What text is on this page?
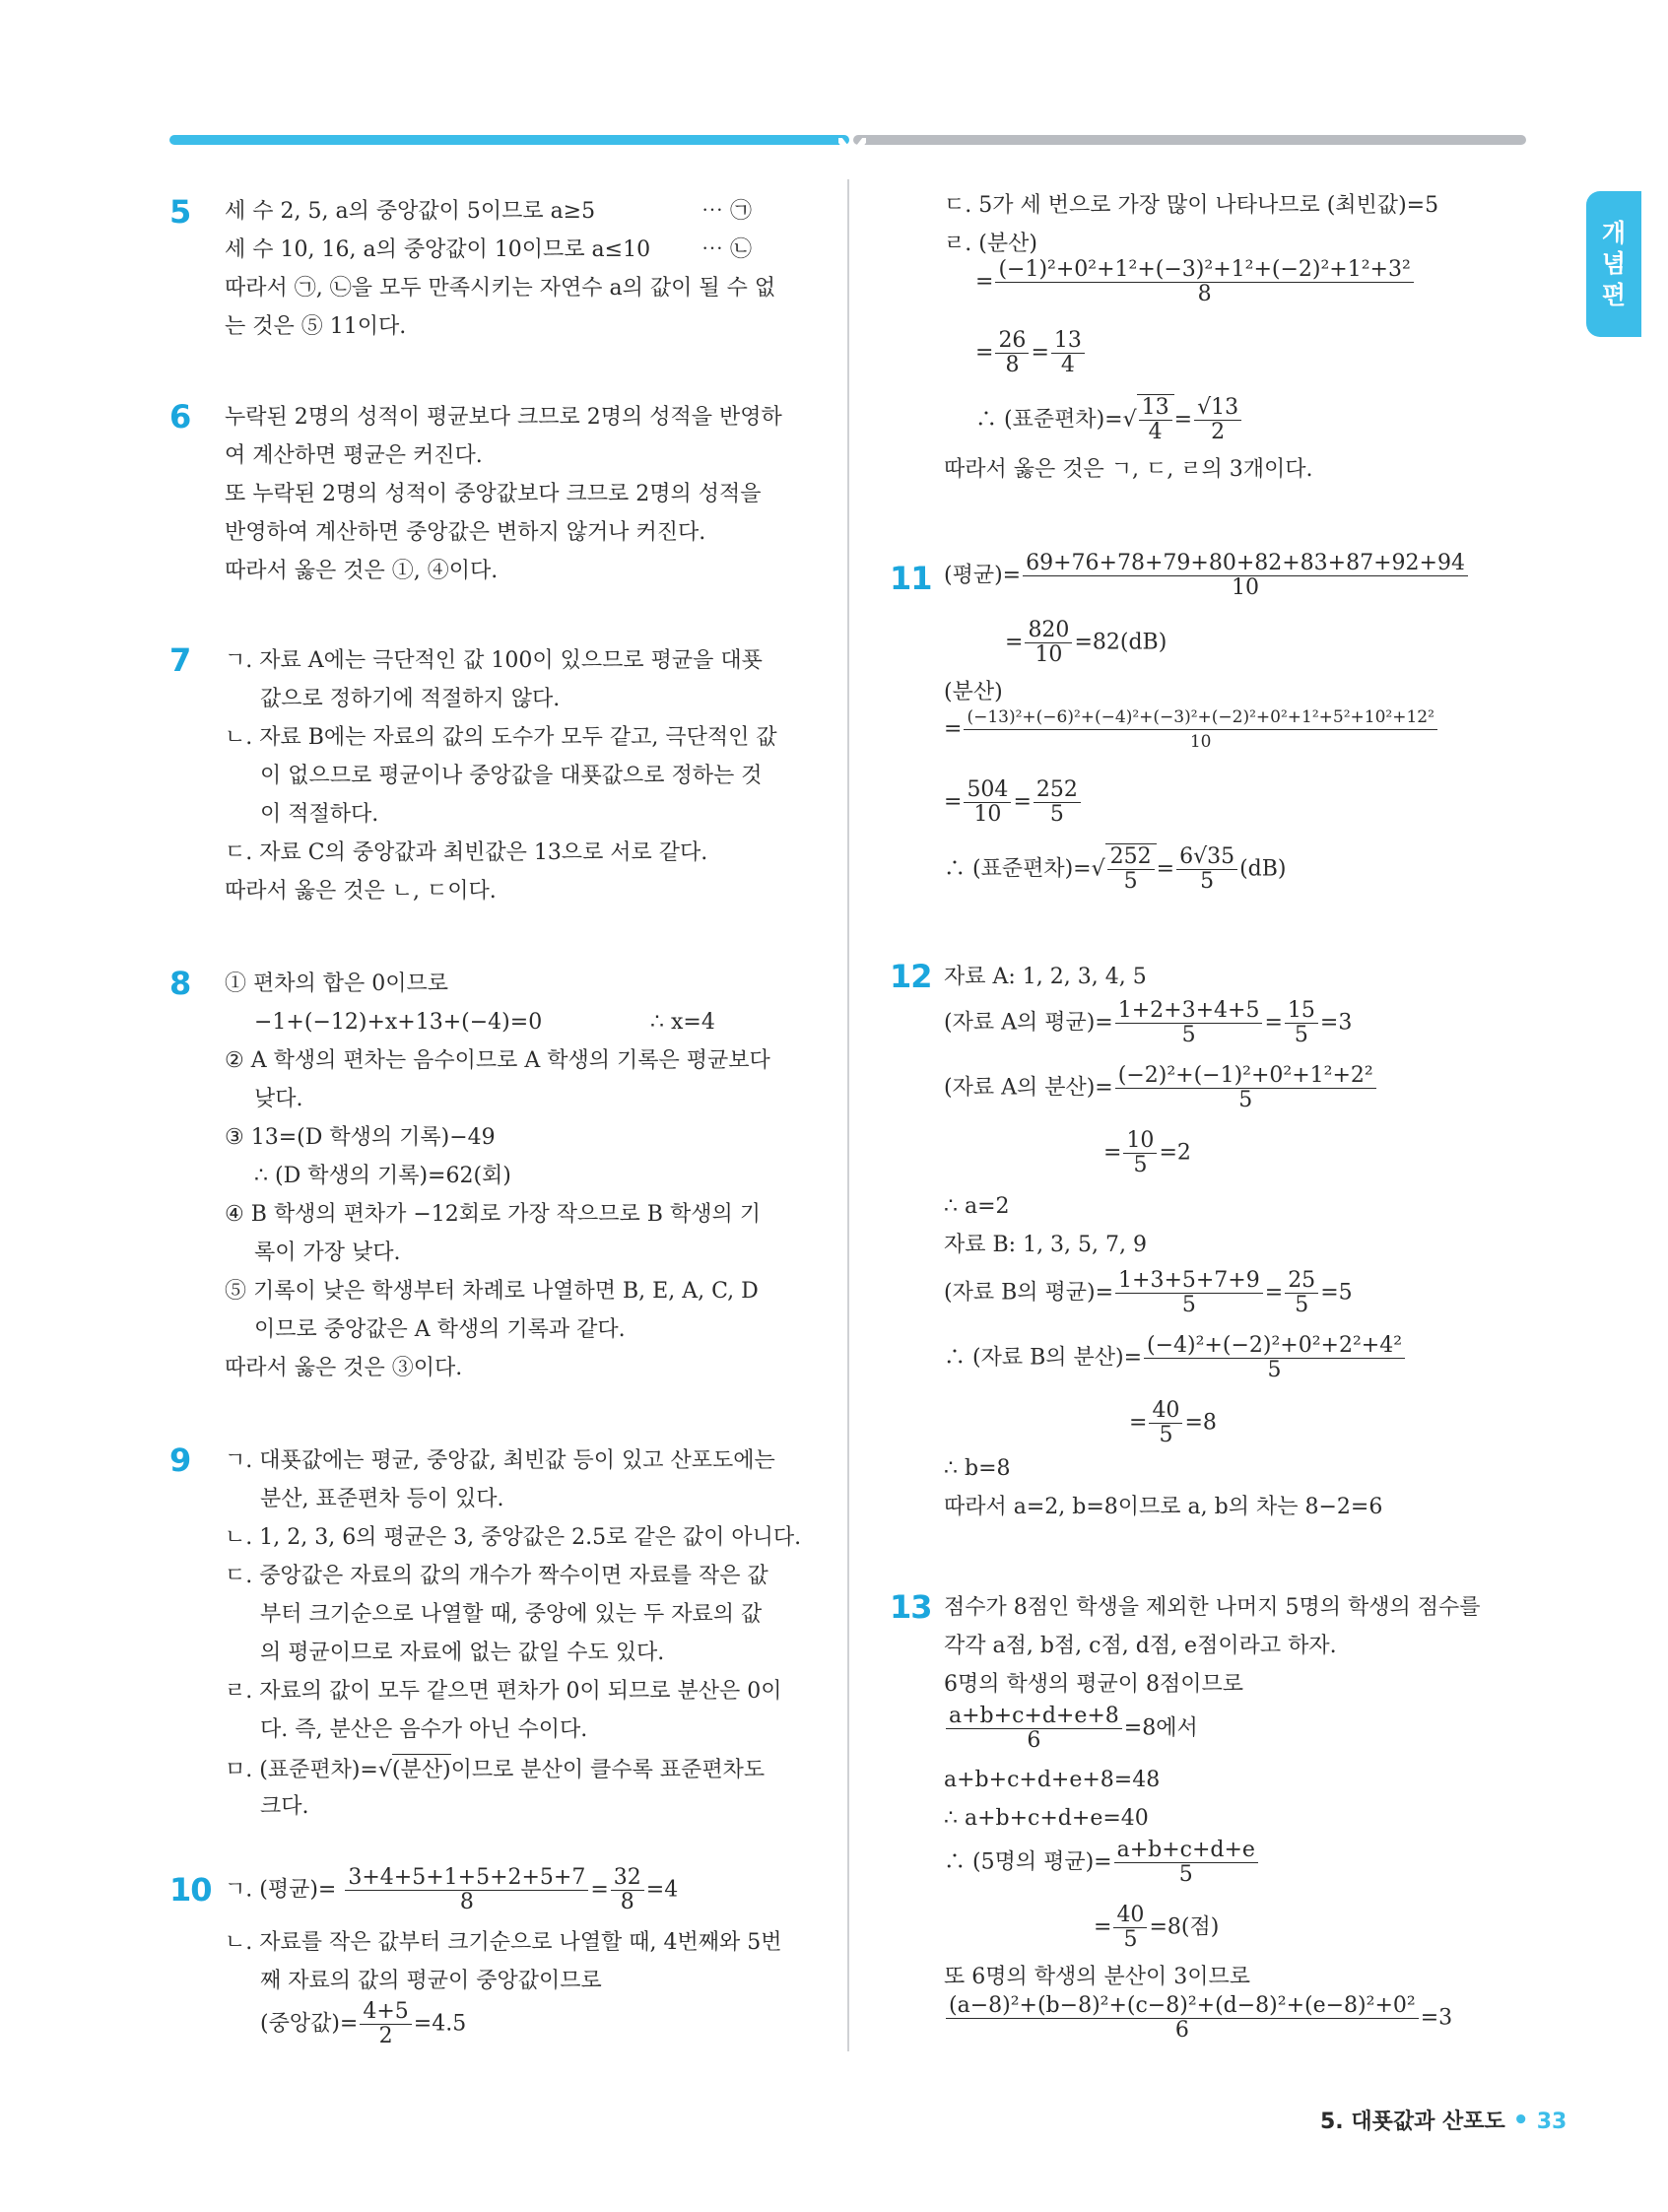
개
념
편
5 세 수 2, 5, a의 중앙값이 5이므로 a≥5	⋯ ㉠
세 수 10, 16, a의 중앙값이 10이므로 a≤10 ⋯ ㉡
따라서 ㉠, ㉡을 모두 만족시키는 자연수 a의 값이 될 수 없
는 것은 ⑤ 11이다.
6 누락된 2명의 성적이 평균보다 크므로 2명의 성적을 반영하
여 계산하면 평균은 커진다.
또 누락된 2명의 성적이 중앙값보다 크므로 2명의 성적을
반영하여 계산하면 중앙값은 변하지 않거나 커진다.
따라서 옳은 것은 ①, ④이다.
7 ㄱ. 자료 A에는 극단적인 값 100이 있으므로 평균을 대푯
값으로 정하기에 적절하지 않다.
ㄴ. 자료 B에는 자료의 값의 도수가 모두 같고, 극단적인 값
이 없으므로 평균이나 중앙값을 대푯값으로 정하는 것
이 적절하다.
ㄷ. 자료 C의 중앙값과 최빈값은 13으로 서로 같다.
따라서 옳은 것은 ㄴ, ㄷ이다.
8 ① 편차의 합은 0이므로
−1+(−12)+x+13+(−4)=0	∴ x=4
② A 학생의 편차는 음수이므로 A 학생의 기록은 평균보다
낮다.
③ 13=(D 학생의 기록)−49
∴ (D 학생의 기록)=62(회)
④ B 학생의 편차가 −12회로 가장 작으므로 B 학생의 기
록이 가장 낮다.
⑤ 기록이 낮은 학생부터 차례로 나열하면 B, E, A, C, D
이므로 중앙값은 A 학생의 기록과 같다.
따라서 옳은 것은 ③이다.
9 ㄱ. 대푯값에는 평균, 중앙값, 최빈값 등이 있고 산포도에는
분산, 표준편차 등이 있다.
ㄴ. 1, 2, 3, 6의 평균은 3, 중앙값은 2.5로 같은 값이 아니다.
ㄷ. 중앙값은 자료의 값의 개수가 짝수이면 자료를 작은 값
부터 크기순으로 나열할 때, 중앙에 있는 두 자료의 값
의 평균이므로 자료에 없는 값일 수도 있다.
ㄹ. 자료의 값이 모두 같으면 편차가 0이 되므로 분산은 0이
다. 즉, 분산은 음수가 아닌 수이다.
ㅁ. (표준편차)=√(분산)이므로 분산이 클수록 표준편차도
크다.
10 ㄱ. (평균)= $\frac{3+4+5+1+5+2+5+7}{8} = \frac{32}{8} =4$
ㄴ. 자료를 작은 값부터 크기순으로 나열할 때, 4번째와 5번
째 자료의 값의 평균이 중앙값이므로
(중앙값)= $\frac{4+5}{2} =4.5$
ㄷ. 5가 세 번으로 가장 많이 나타나므로 (최빈값)=5
ㄹ. (분산)
= $\frac{\text{(−1)²+0²+1²+(−3)²+1²+(−2)²+1²+3²}}{8}$
= $\frac{26}{8} = \frac{13}{4}$
∴ (표준편차)=√ $\frac{13}{4} = \frac{√13}{2}$
따라서 옳은 것은 ㄱ, ㄷ, ㄹ의 3개이다.
11 (평균)= $\frac{69+76+78+79+80+82+83+87+92+94}{10}$
= $\frac{820}{10} =82(dB)$
(분산)
= $\frac{\text{(−13)²+(−6)²+(−4)²+(−3)²+(−2)²+0²+1²+5²+10²+12²}}{10}$
= $\frac{504}{10} = \frac{252}{5}$
∴ (표준편차)=√ $\frac{252}{5} = \frac{6√35}{5} (dB)$
12 자료 A: 1, 2, 3, 4, 5
(자료 A의 평균)= $\frac{1+2+3+4+5}{5} = \frac{15}{5} =3$
(자료 A의 분산)= $\frac{\text{(−2)²+(−1)²+0²+1²+2²}}{5}$
= $\frac{10}{5} =2$
∴ a=2
자료 B: 1, 3, 5, 7, 9
(자료 B의 평균)= $\frac{1+3+5+7+9}{5} = \frac{25}{5} =5$
∴ (자료 B의 분산)= $\frac{\text{(−4)²+(−2)²+0²+2²+4²}}{5}$
= $\frac{40}{5} =8$
∴ b=8
따라서 a=2, b=8이므로 a, b의 차는 8−2=6
13 점수가 8점인 학생을 제외한 나머지 5명의 학생의 점수를
각각 a점, b점, c점, d점, e점이라고 하자.
6명의 학생의 평균이 8점이므로
$\frac{a+b+c+d+e+8}{6} =8$에서
a+b+c+d+e+8=48
∴ a+b+c+d+e=40
∴ (5명의 평균)= $\frac{a+b+c+d+e}{5}$
= $\frac{40}{5} =8$(점)
또 6명의 학생의 분산이 3이므로
$\frac{\text{(a−8)²+(b−8)²+(c−8)²+(d−8)²+(e−8)²+0²}}{6} =3$
5. 대푯값과 산포도 • 33
